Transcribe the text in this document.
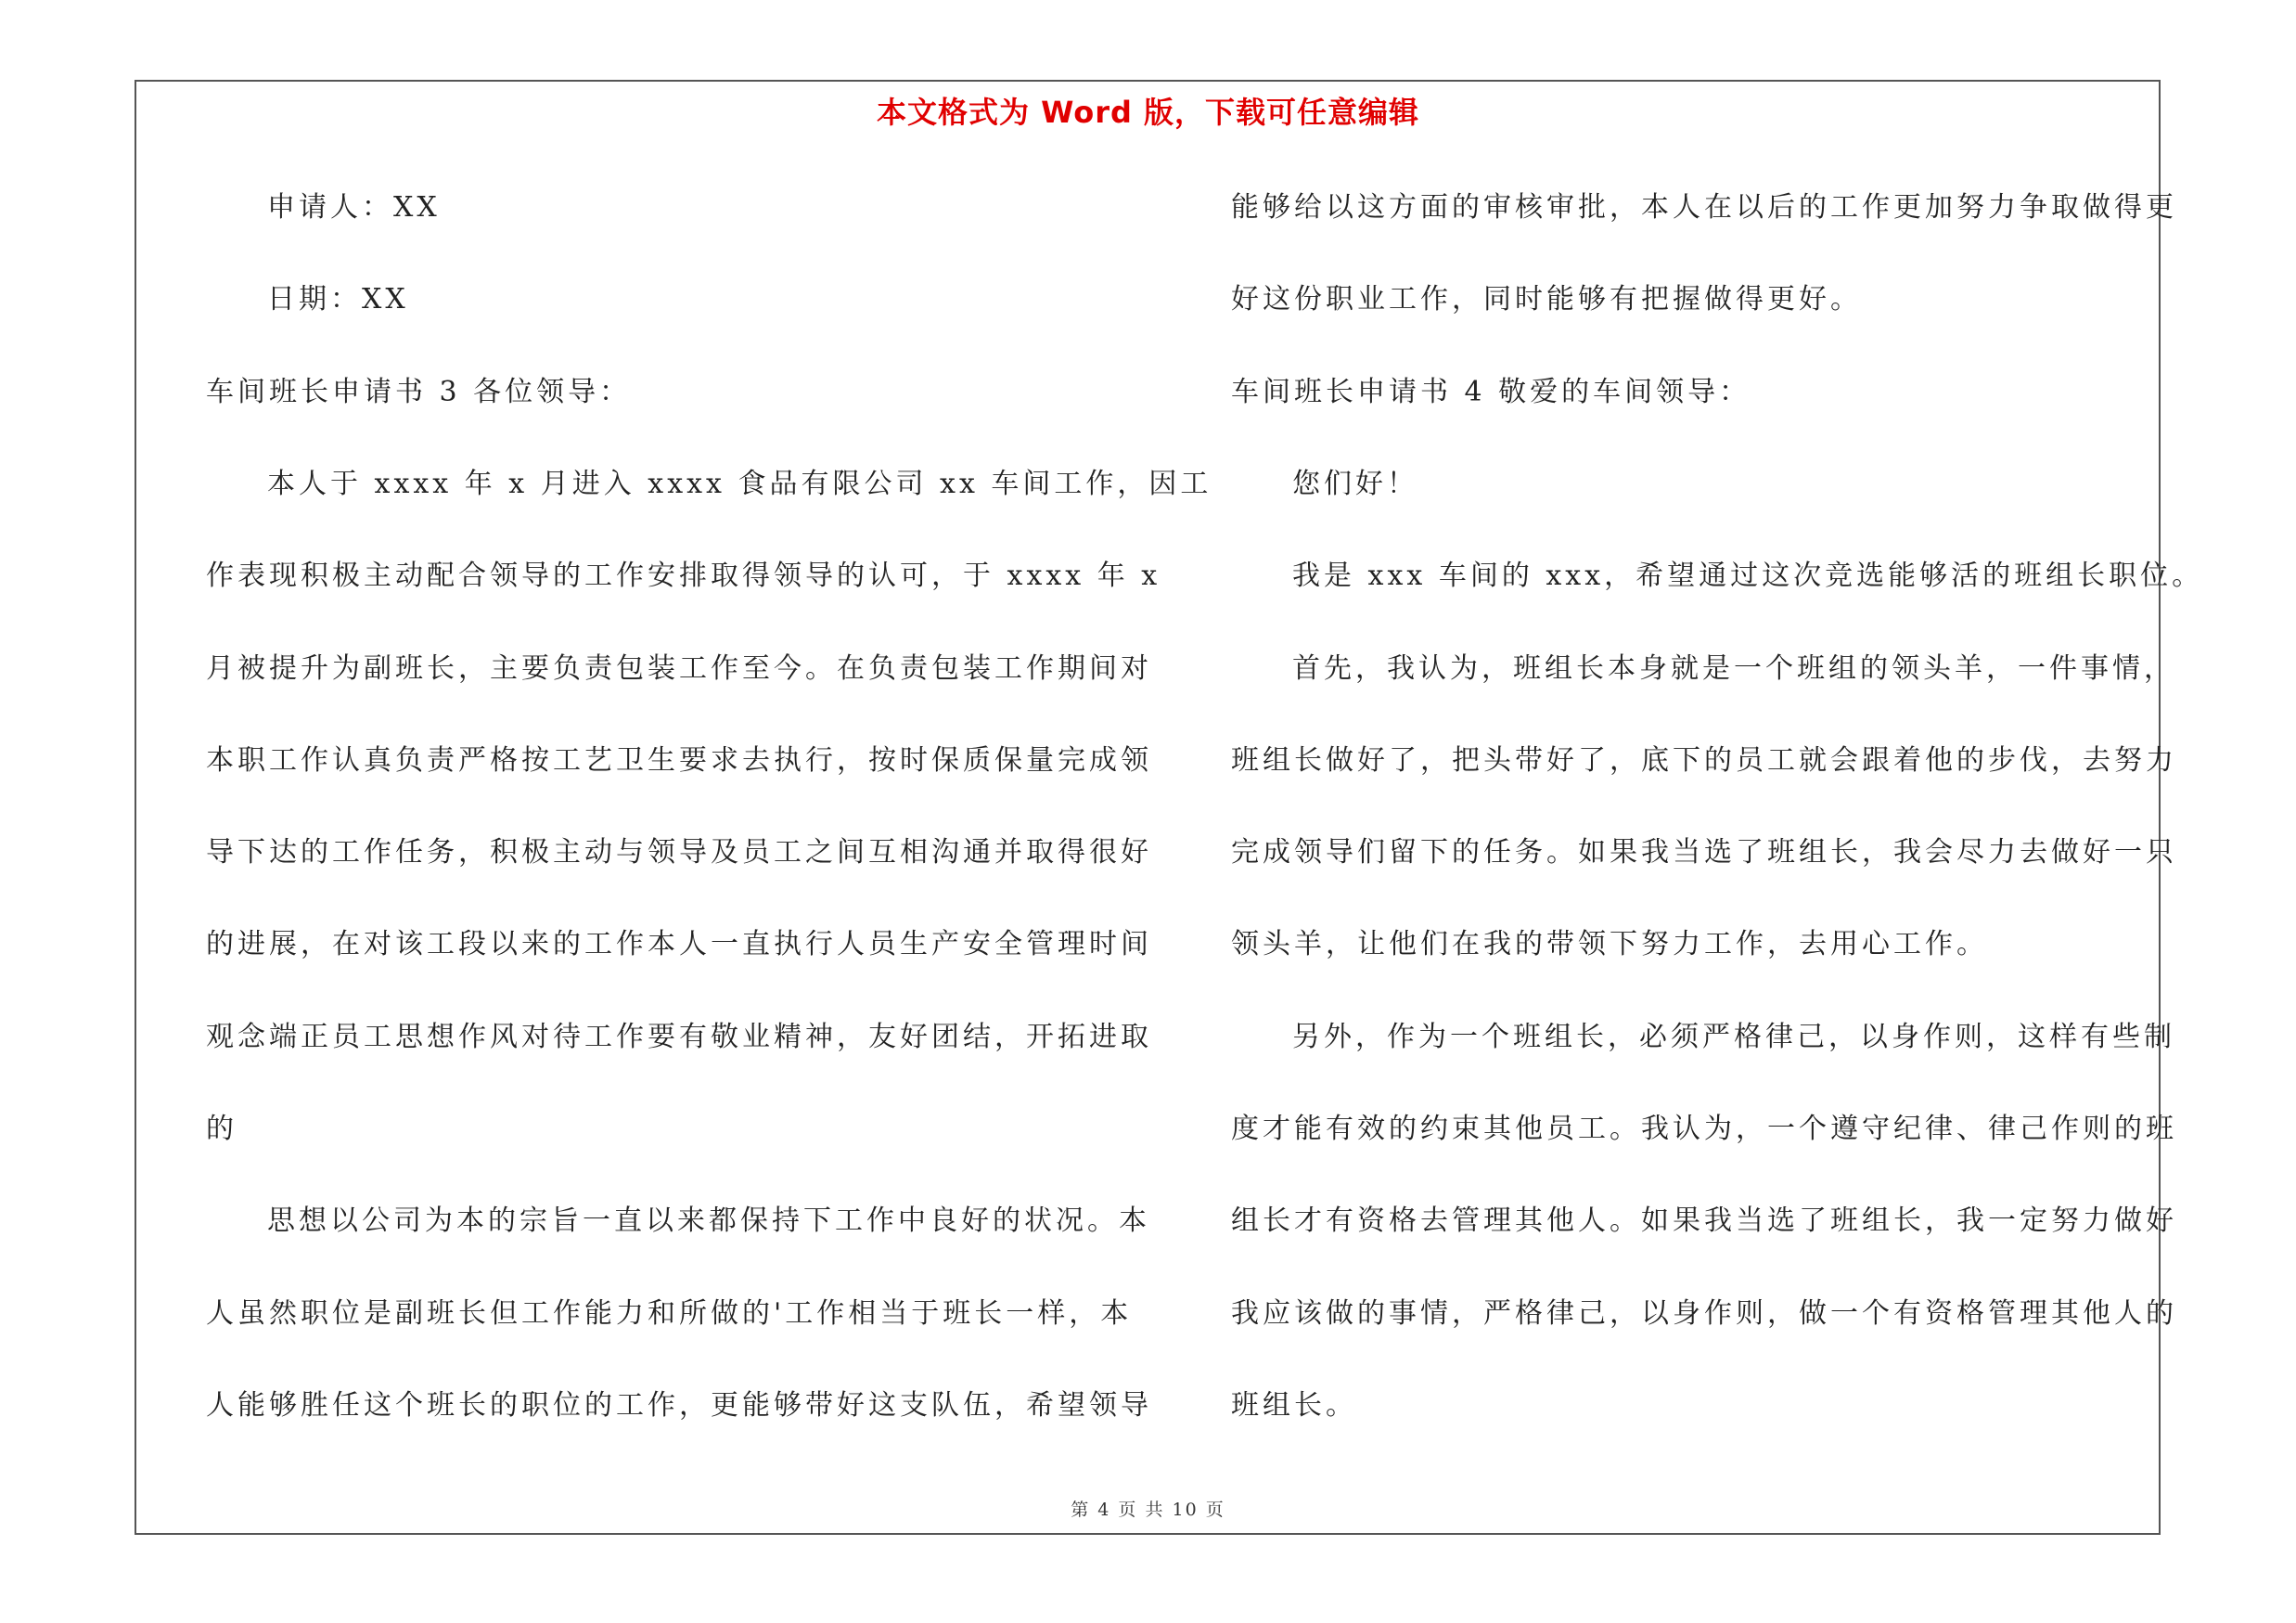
本文格式为 Word 版，下载可任意编辑
申请人：XX
日期：XX
车间班长申请书 3 各位领导：
本人于 xxxx 年 x 月进入 xxxx 食品有限公司 xx 车间工作，因工
作表现积极主动配合领导的工作安排取得领导的认可，于 xxxx 年 x
月被提升为副班长，主要负责包装工作至今。在负责包装工作期间对
本职工作认真负责严格按工艺卫生要求去执行，按时保质保量完成领
导下达的工作任务，积极主动与领导及员工之间互相沟通并取得很好
的进展，在对该工段以来的工作本人一直执行人员生产安全管理时间
观念端正员工思想作风对待工作要有敬业精神，友好团结，开拓进取
的
思想以公司为本的宗旨一直以来都保持下工作中良好的状况。本
人虽然职位是副班长但工作能力和所做的'工作相当于班长一样，本
人能够胜任这个班长的职位的工作，更能够带好这支队伍，希望领导
能够给以这方面的审核审批，本人在以后的工作更加努力争取做得更
好这份职业工作，同时能够有把握做得更好。
车间班长申请书 4 敬爱的车间领导：
您们好！
我是 xxx 车间的 xxx，希望通过这次竞选能够活的班组长职位。
首先，我认为，班组长本身就是一个班组的领头羊，一件事情，
班组长做好了，把头带好了，底下的员工就会跟着他的步伐，去努力
完成领导们留下的任务。如果我当选了班组长，我会尽力去做好一只
领头羊，让他们在我的带领下努力工作，去用心工作。
另外，作为一个班组长，必须严格律己，以身作则，这样有些制
度才能有效的约束其他员工。我认为，一个遵守纪律、律己作则的班
组长才有资格去管理其他人。如果我当选了班组长，我一定努力做好
我应该做的事情，严格律己，以身作则，做一个有资格管理其他人的
班组长。
第 4 页 共 10 页
